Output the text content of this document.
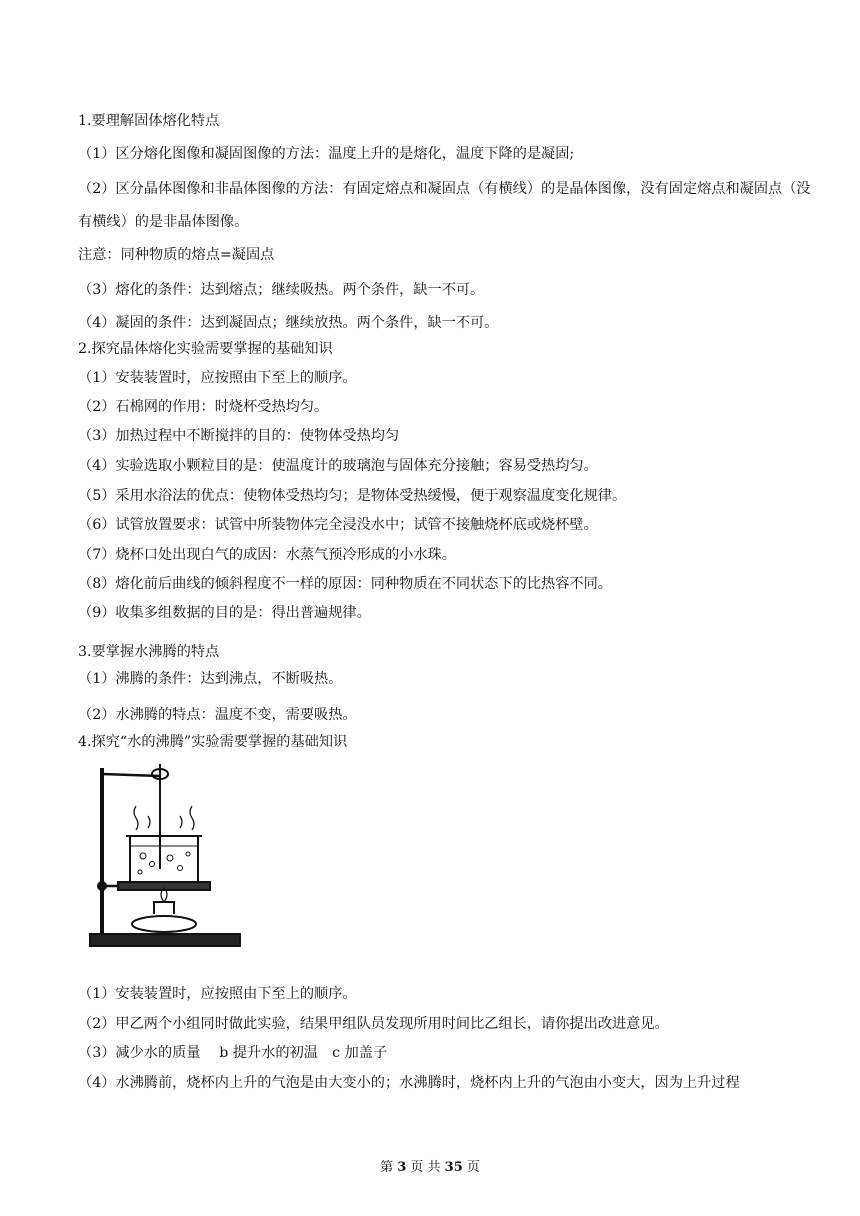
1.要理解固体熔化特点
（1）区分熔化图像和凝固图像的方法：温度上升的是熔化，温度下降的是凝固;
（2）区分晶体图像和非晶体图像的方法：有固定熔点和凝固点（有横线）的是晶体图像，没有固定熔点和凝固点（没
有横线）的是非晶体图像。
注意：同种物质的熔点=凝固点
（3）熔化的条件：达到熔点；继续吸热。两个条件，缺一不可。
（4）凝固的条件：达到凝固点；继续放热。两个条件，缺一不可。
2.探究晶体熔化实验需要掌握的基础知识
（1）安装装置时，应按照由下至上的顺序。
（2）石棉网的作用：时烧杯受热均匀。
（3）加热过程中不断搅拌的目的：使物体受热均匀
（4）实验选取小颗粒目的是：使温度计的玻璃泡与固体充分接触；容易受热均匀。
（5）采用水浴法的优点：使物体受热均匀；是物体受热缓慢，便于观察温度变化规律。
（6）试管放置要求：试管中所装物体完全浸没水中；试管不接触烧杯底或烧杯壁。
（7）烧杯口处出现白气的成因：水蒸气预冷形成的小水珠。
（8）熔化前后曲线的倾斜程度不一样的原因：同种物质在不同状态下的比热容不同。
（9）收集多组数据的目的是：得出普遍规律。
3.要掌握水沸腾的特点
（1）沸腾的条件：达到沸点，不断吸热。
（2）水沸腾的特点：温度不变，需要吸热。
4.探究“水的沸腾”实验需要掌握的基础知识
（1）安装装置时，应按照由下至上的顺序。
（2）甲乙两个小组同时做此实验，结果甲组队员发现所用时间比乙组长，请你提出改进意见。
（3）减少水的质量　 b 提升水的初温　c 加盖子
（4）水沸腾前，烧杯内上升的气泡是由大变小的；水沸腾时，烧杯内上升的气泡由小变大，因为上升过程
第 3 页 共 35 页
